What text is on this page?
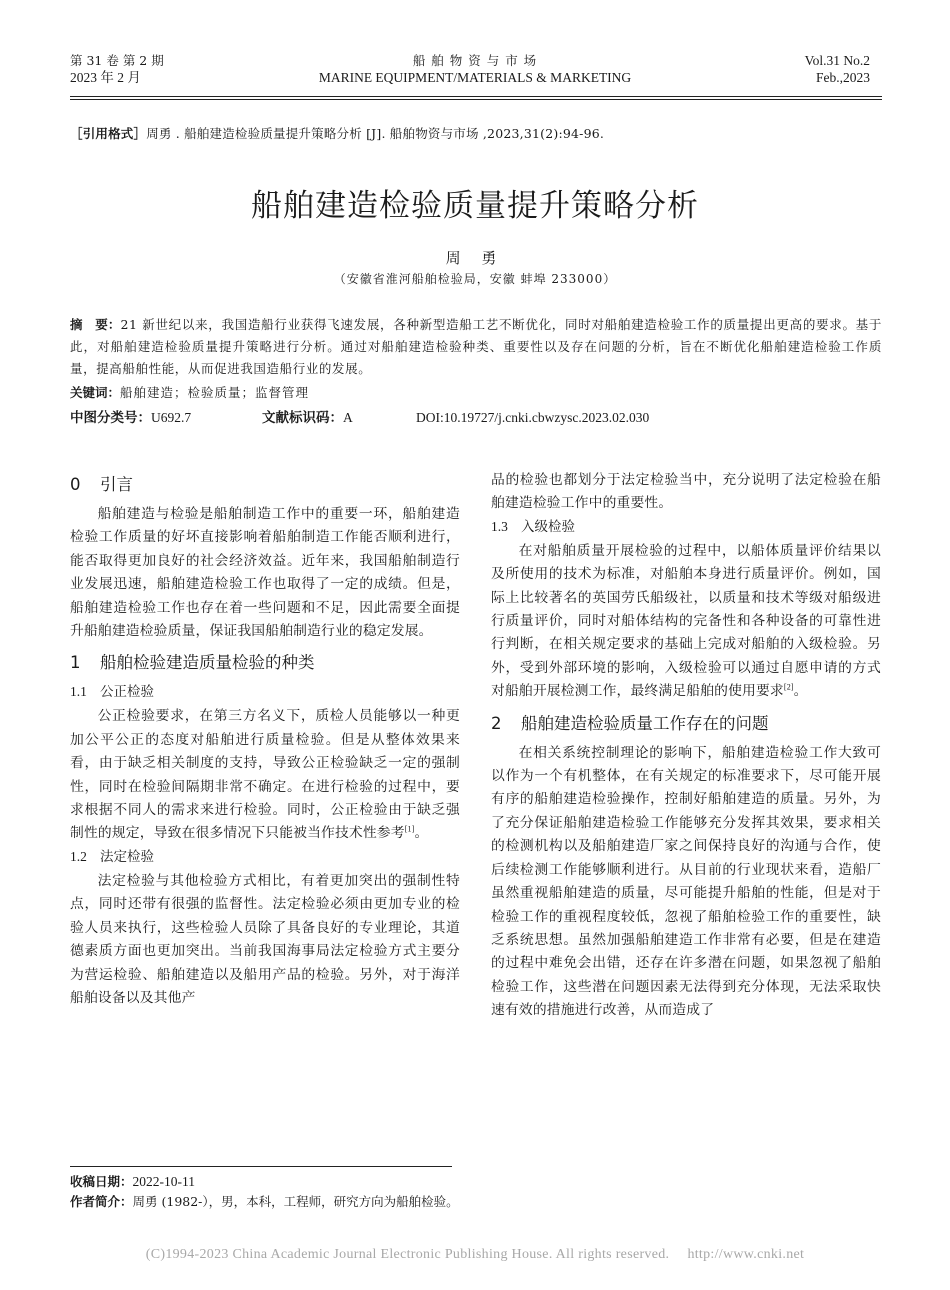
第 31 卷 第 2 期
2023 年 2 月
船 舶 物 资 与 市 场
MARINE EQUIPMENT/MATERIALS & MARKETING
Vol.31 No.2
Feb.,2023
［引用格式］周勇 . 船舶建造检验质量提升策略分析 [J]. 船舶物资与市场 ,2023,31(2):94-96.
船舶建造检验质量提升策略分析
周 勇
（安徽省淮河船舶检验局，安徽 蚌埠 233000）
摘　要：21 新世纪以来，我国造船行业获得飞速发展，各种新型造船工艺不断优化，同时对船舶建造检验工作的质量提出更高的要求。基于此，对船舶建造检验质量提升策略进行分析。通过对船舶建造检验种类、重要性以及存在问题的分析，旨在不断优化船舶建造检验工作质量，提高船舶性能，从而促进我国造船行业的发展。
关键词：船舶建造；检验质量；监督管理
中图分类号：U692.7	文献标识码：A	DOI:10.19727/j.cnki.cbwzysc.2023.02.030
0 引言
船舶建造与检验是船舶制造工作中的重要一环，船舶建造检验工作质量的好坏直接影响着船舶制造工作能否顺利进行，能否取得更加良好的社会经济效益。近年来，我国船舶制造行业发展迅速，船舶建造检验工作也取得了一定的成绩。但是，船舶建造检验工作也存在着一些问题和不足，因此需要全面提升船舶建造检验质量，保证我国船舶制造行业的稳定发展。
1 船舶检验建造质量检验的种类
1.1 公正检验
公正检验要求，在第三方名义下，质检人员能够以一种更加公平公正的态度对船舶进行质量检验。但是从整体效果来看，由于缺乏相关制度的支持，导致公正检验缺乏一定的强制性，同时在检验间隔期非常不确定。在进行检验的过程中，要求根据不同人的需求来进行检验。同时，公正检验由于缺乏强制性的规定，导致在很多情况下只能被当作技术性参考[1]。
1.2 法定检验
法定检验与其他检验方式相比，有着更加突出的强制性特点，同时还带有很强的监督性。法定检验必须由更加专业的检验人员来执行，这些检验人员除了具备良好的专业理论，其道德素质方面也更加突出。当前我国海事局法定检验方式主要分为营运检验、船舶建造以及船用产品的检验。另外，对于海洋船舶设备以及其他产
品的检验也都划分于法定检验当中，充分说明了法定检验在船舶建造检验工作中的重要性。
1.3 入级检验
在对船舶质量开展检验的过程中，以船体质量评价结果以及所使用的技术为标准，对船舶本身进行质量评价。例如，国际上比较著名的英国劳氏船级社，以质量和技术等级对船级进行质量评价，同时对船体结构的完备性和各种设备的可靠性进行判断，在相关规定要求的基础上完成对船舶的入级检验。另外，受到外部环境的影响，入级检验可以通过自愿申请的方式对船舶开展检测工作，最终满足船舶的使用要求[2]。
2 船舶建造检验质量工作存在的问题
在相关系统控制理论的影响下，船舶建造检验工作大致可以作为一个有机整体，在有关规定的标准要求下，尽可能开展有序的船舶建造检验操作，控制好船舶建造的质量。另外，为了充分保证船舶建造检验工作能够充分发挥其效果，要求相关的检测机构以及船舶建造厂家之间保持良好的沟通与合作，使后续检测工作能够顺利进行。从目前的行业现状来看，造船厂虽然重视船舶建造的质量，尽可能提升船舶的性能，但是对于检验工作的重视程度较低，忽视了船舶检验工作的重要性，缺乏系统思想。虽然加强船舶建造工作非常有必要，但是在建造的过程中难免会出错，还存在许多潜在问题，如果忽视了船舶检验工作，这些潜在问题因素无法得到充分体现，无法采取快速有效的措施进行改善，从而造成了
收稿日期：2022-10-11
作者简介：周勇 (1982-），男，本科，工程师，研究方向为船舶检验。
(C)1994-2023 China Academic Journal Electronic Publishing House. All rights reserved.　 http://www.cnki.net
